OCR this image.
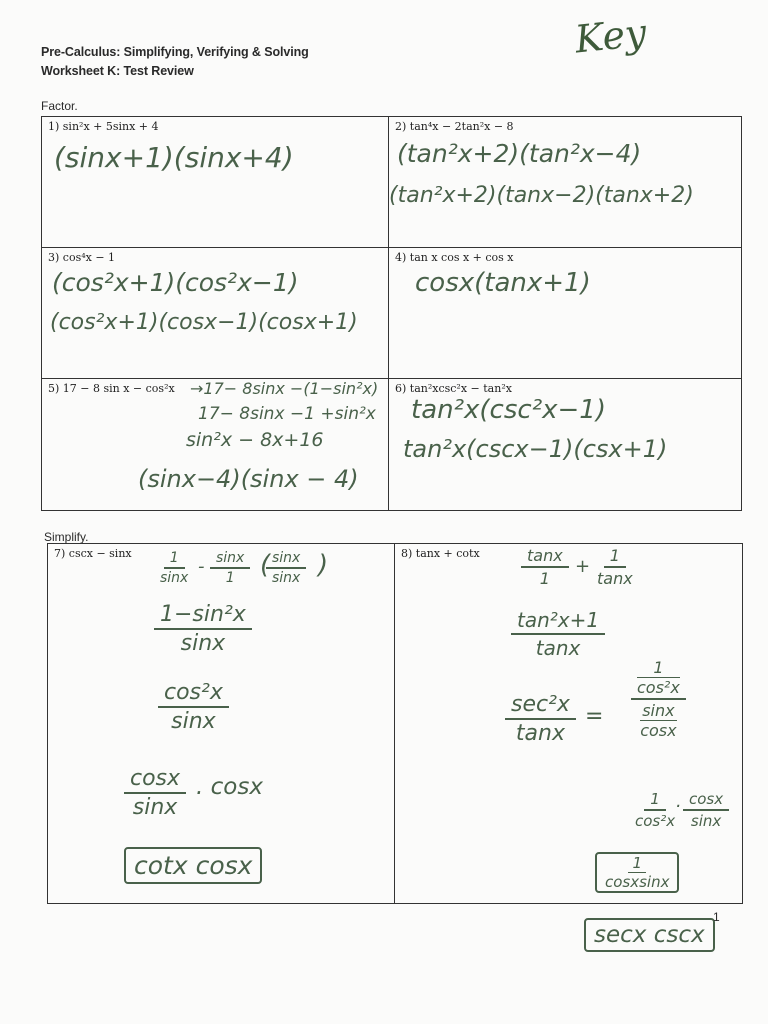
Key
Pre-Calculus: Simplifying, Verifying & Solving
Worksheet K: Test Review
Factor.
1) sin²x + 5sinx + 4
(sinx+1)(sinx+4)
2) tan⁴x − 2tan²x − 8
(tan²x+2)(tan²x−4)
(tan²x+2)(tanx−2)(tanx+2)
3) cos⁴x − 1
(cos²x+1)(cos²x−1)
(cos²x+1)(cosx−1)(cosx+1)
4) tan x cos x + cos x
cosx(tanx+1)
5) 17 − 8 sin x − cos²x →17− 8sinx −(1−sin²x)
17− 8sinx −1 +sin²x
sin²x − 8x+16
(sinx−4)(sinx − 4)
6) tan²xcsc²x − tan²x
tan²x(csc²x−1)
tan²x(cscx−1)(csx+1)
Simplify.
7) cscx − sinx $\frac{1}{\sin x} - \frac{\sin x}{1}$ (
$\frac{\sin x}{\sin x}$ )
$\frac{\text{1−sin²x}}{\sin x}$
$\frac{\text{cos²x}}{\sin x}$
$\frac{\cos x}{\sin x}$ . cosx
cotx cosx
8) tanx + cotx	$\frac{\tan x}{1} + \frac{1}{\tan x}$
$\frac{\text{tan²x+1}}{\tan x}$
sec²x
tanx
= 1
cos²x
sinx
cosx
$\frac{1}{\text{cos²x}}$
· $\frac{\cos x}{\sin x}$
$\frac{1}{\text{cosxsinx}}$
secx cscx
1
